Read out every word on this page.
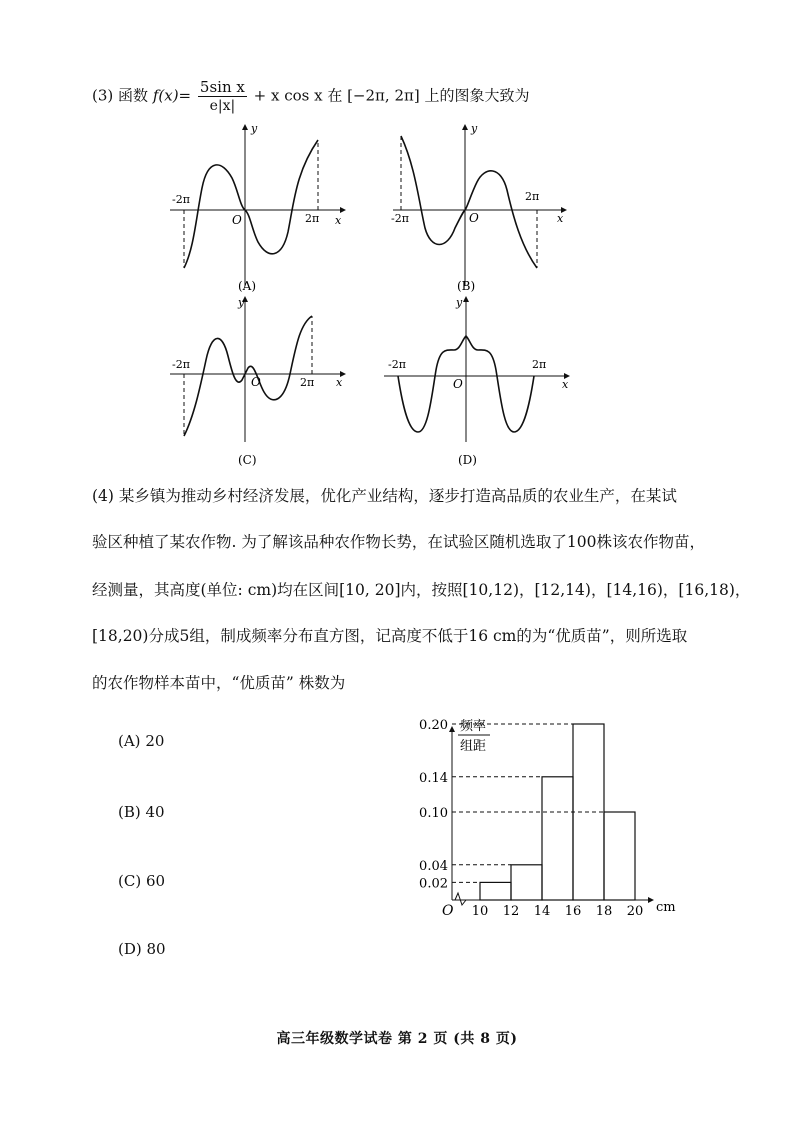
(3) 函数 $f(x)= \frac{\text{5sin x}}{e|x|} + x$ cos x 在 [−2π, 2π] 上的图象大致为
-2π
2π
O	x
y
(A)
-2π
2π
O	x
y
(B)
-2π
2π
O	x
y
(C)
-2π	2π
O	x
y
(D)
(4) 某乡镇为推动乡村经济发展，优化产业结构，逐步打造高品质的农业生产，在某试
验区种植了某农作物. 为了解该品种农作物长势，在试验区随机选取了100株该农作物苗，
经测量，其高度(单位: cm)均在区间[10, 20]内，按照[10,12)，[12,14)，[14,16)，[16,18)，
[18,20)分成5组，制成频率分布直方图，记高度不低于16 cm的为“优质苗”，则所选取
的农作物样本苗中，“优质苗” 株数为
(A) 20
(B) 40
(C) 60
(D) 80
频率
组距
O	cm
0.02
0.04
0.10
0.14
0.20
10 12 14 16 18 20
高三年级数学试卷 第 2 页 (共 8 页)
